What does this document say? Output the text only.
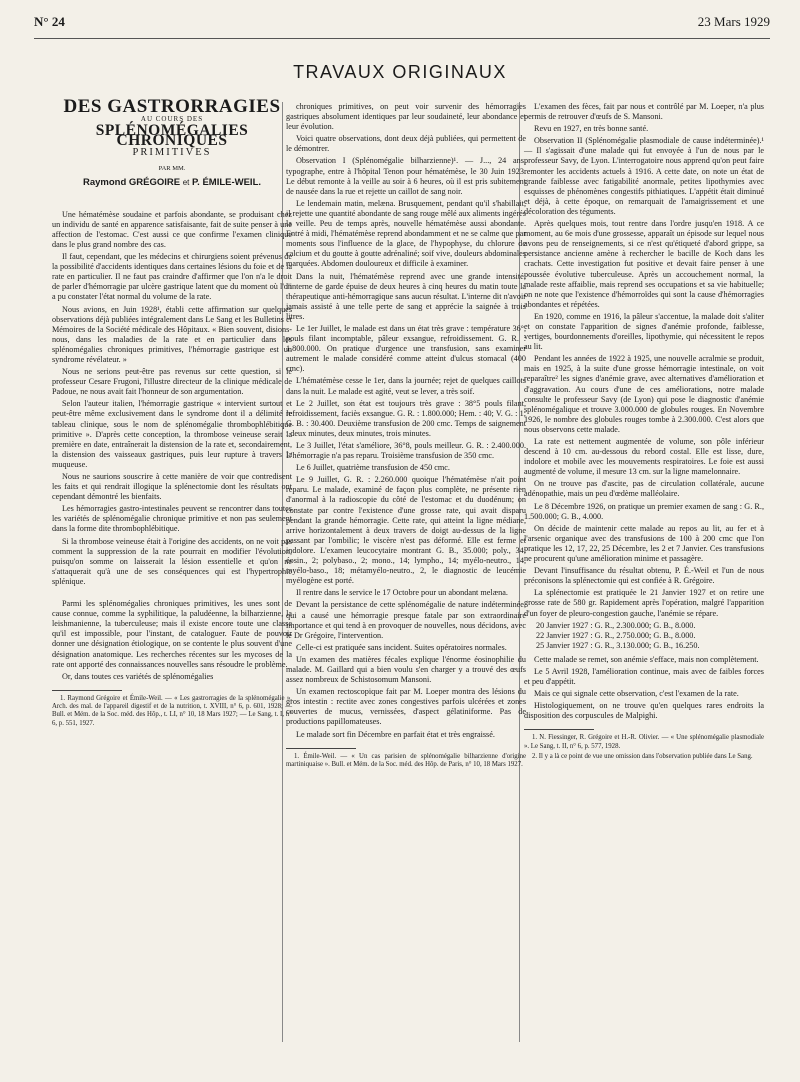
N° 24	23 Mars 1929
TRAVAUX ORIGINAUX
DES GASTRORRAGIES
AU COURS DES
SPLÉNOMÉGALIES CHRONIQUES
PRIMITIVES
PAR MM.
Raymond GRÉGOIRE et P. ÉMILE-WEIL.

Une hématémèse soudaine et parfois abondante, se produisant chez un individu de santé en apparence satisfaisante, fait de suite penser à une affection de l'estomac. C'est aussi ce que confirme l'examen clinique dans le plus grand nombre des cas.

Il faut, cependant, que les médecins et chirurgiens soient prévenus de la possibilité d'accidents identiques dans certaines lésions du foie et de la rate en particulier. Il ne faut pas craindre d'affirmer que l'on n'a le droit de parler d'hémorragie par ulcère gastrique latent que du moment où l'on a pu constater l'état normal du volume de la rate.

Nous avions, en Juin 1928¹, établi cette affirmation sur quelques observations déjà publiées intégralement dans Le Sang et les Bulletins et Mémoires de la Société médicale des Hôpitaux. « Bien souvent, disions-nous, dans les maladies de la rate et en particulier dans les splénomégalies chroniques primitives, l'hémorragie gastrique est un syndrome révélateur. »

Nous ne serions peut-être pas revenus sur cette question, si le professeur Cesare Frugoni, l'illustre directeur de la clinique médicale de Padoue, ne nous avait fait l'honneur de son argumentation.

Selon l'auteur italien, l'hémorragie gastrique « intervient surtout et peut-être même exclusivement dans le syndrome dont il a délimité le tableau clinique, sous le nom de splénomégalie thrombophlébitique primitive ». D'après cette conception, la thrombose veineuse serait la première en date, entraînerait la distension de la rate et, secondairement, la distension des vaisseaux gastriques, puis leur rupture à travers la muqueuse.

Nous ne saurions souscrire à cette manière de voir que contredisent les faits et qui rendrait illogique la splénectomie dont les résultats ont cependant démontré les bienfaits.

Les hémorragies gastro-intestinales peuvent se rencontrer dans toutes les variétés de splénomégalie chronique primitive et non pas seulement dans la forme dite thrombophlébitique.

Si la thrombose veineuse était à l'origine des accidents, on ne voit pas comment la suppression de la rate pourrait en modifier l'évolution, puisqu'on somme on laisserait la lésion essentielle et qu'on ne s'attaquerait qu'à une de ses conséquences qui est l'hypertrophie splénique.

Parmi les splénomégalies chroniques primitives, les unes sont de cause connue, comme la syphilitique, la paludéenne, la bilharzienne, la leishmanienne, la tuberculeuse; mais il existe encore toute une classe qu'il est impossible, pour l'instant, de cataloguer. Faute de pouvoir donner une désignation étiologique, on se contente le plus souvent d'une désignation anatomique. Les recherches récentes sur les mycoses de la rate ont apporté des connaissances nouvelles sans résoudre le problème.

Or, dans toutes ces variétés de splénomégalies

1. Raymond Grégoire et Émile-Weil. — « Les gastrorragies de la splénomégalie ». Arch. des mal. de l'appareil digestif et de la nutrition, t. XVIII, n° 6, p. 601, 1928; — Bull. et Mém. de la Soc. méd. des Hôp., t. LI, n° 10, 18 Mars 1927; — Le Sang, t. I, n° 6, p. 551, 1927.

chroniques primitives, on peut voir survenir des hémorragies gastriques absolument identiques par leur soudaineté, leur abondance et leur évolution.

Voici quatre observations, dont deux déjà publiées, qui permettent de le démontrer.

Observation I (Splénomégalie bilharzienne)¹. — J..., 24 ans, typographe, entre à l'hôpital Tenon pour hématémèse, le 30 Juin 1923. Le début remonte à la veille au soir à 6 heures, où il est pris subitement de nausée dans la rue et rejette un caillot de sang noir.

Le lendemain matin, melæna. Brusquement, pendant qu'il s'habillait, il rejette une quantité abondante de sang rouge mêlé aux aliments ingérés la veille. Peu de temps après, nouvelle hématémèse aussi abondante. Entré à midi, l'hématémèse reprend abondamment et ne se calme que par moments sous l'influence de la glace, de l'hypophyse, du chlorure de calcium et du goutte à goutte adrénaliné; soif vive, douleurs abdominales marquées. Abdomen douloureux et difficile à examiner.

Dans la nuit, l'hématémèse reprend avec une grande intensité; l'interne de garde épuise de deux heures à cinq heures du matin toute la thérapeutique anti-hémorragique sans aucun résultat. L'interne dit n'avoir jamais assisté à une telle perte de sang et apprécie la saignée à trois litres.

Le 1er Juillet, le malade est dans un état très grave : température 36°, pouls filant incomptable, pâleur exsangue, refroidissement. G. R. : 1.800.000. On pratique d'urgence une transfusion, sans examiner autrement le malade considéré comme atteint d'ulcus stomacal (400 cmc).

L'hématémèse cesse le 1er, dans la journée; rejet de quelques caillots dans la nuit. Le malade est agité, veut se lever, a très soif.

Le 2 Juillet, son état est toujours très grave : 38°5 pouls filant, refroidissement, faciès exsangue. G. R. : 1.800.000; Hem. : 40; V. G. : 1; G. B. : 30.400. Deuxième transfusion de 200 cmc. Temps de saignement : deux minutes, deux minutes, trois minutes.

Le 3 Juillet, l'état s'améliore, 36°8, pouls meilleur. G. R. : 2.400.000. L'hémorragie n'a pas reparu. Troisième transfusion de 350 cmc.

Le 6 Juillet, quatrième transfusion de 450 cmc.

Le 9 Juillet, G. R. : 2.260.000 quoique l'hématémèse n'ait point reparu. Le malade, examiné de façon plus complète, ne présente rien d'anormal à la radioscopie du côté de l'estomac et du duodénum; on constate par contre l'existence d'une grosse rate, qui avait disparu pendant la grande hémorragie. Cette rate, qui atteint la ligne médiane, arrive horizontalement à deux travers de doigt au-dessus de la ligne passant par l'ombilic; le viscère n'est pas déformé. Elle est ferme et indolore. L'examen leucocytaire montrant G. B., 35.000; poly., 34; éosin., 2; polybaso., 2; mono., 14; lympho., 14; myélo-neutro., 14, myélo-baso., 18; métamyélo-neutro., 2, le diagnostic de leucémie myélogène est porté.

Il rentre dans le service le 17 Octobre pour un abondant melæna.

Devant la persistance de cette splénomégalie de nature indéterminée, qui a causé une hémorragie presque fatale par son extraordinaire importance et qui tend à en provoquer de nouvelles, nous décidons, avec le Dr Grégoire, l'intervention.

Celle-ci est pratiquée sans incident. Suites opératoires normales.

Un examen des matières fécales explique l'énorme éosinophilie du malade. M. Gaillard qui a bien voulu s'en charger y a trouvé des œufs assez nombreux de Schistosomum Mansoni.

Un examen rectoscopique fait par M. Loeper montra des lésions du gros intestin : rectite avec zones congestives parfois ulcérées et zones couvertes de mucus, vernissées, d'aspect gélatiniforme. Pas de productions papillomateuses.

Le malade sort fin Décembre en parfait état et très engraissé.

1. Émile-Weil. — « Un cas parisien de splénomégalie bilharzienne d'origine martiniquaise ». Bull. et Mém. de la Soc. méd. des Hôp. de Paris, n° 10, 18 Mars 1927.

L'examen des fèces, fait par nous et contrôlé par M. Loeper, n'a plus permis de retrouver d'œufs de S. Mansoni.

Revu en 1927, en très bonne santé.

Observation II (Splénomégalie plasmodiale de cause indéterminée).¹ — Il s'agissait d'une malade qui fut envoyée à l'un de nous par le professeur Savy, de Lyon. L'interrogatoire nous apprend qu'on peut faire remonter les accidents actuels à 1916. A cette date, on note un état de grande faiblesse avec fatigabilité anormale, petites lipothymies avec esquisses de phénomènes congestifs pithiatiques. L'appétit était diminué et déjà, à cette époque, on remarquait de l'amaigrissement et une décoloration des téguments.

Après quelques mois, tout rentre dans l'ordre jusqu'en 1918. A ce moment, au 6e mois d'une grossesse, apparaît un épisode sur lequel nous avons peu de renseignements, si ce n'est qu'étiqueté d'abord grippe, sa persistance ancienne amène à rechercher le bacille de Koch dans les crachats. Cette investigation fut positive et devait faire penser à une poussée évolutive tuberculeuse. Après un accouchement normal, la malade reste affaiblie, mais reprend ses occupations et sa vie habituelle; on ne note que l'existence d'hémorroïdes qui sont la cause d'hémorragies abondantes et répétées.

En 1920, comme en 1916, la pâleur s'accentue, la malade doit s'aliter et on constate l'apparition de signes d'anémie profonde, faiblesse, vertiges, bourdonnements d'oreilles, lipothymie, qui nécessitent le repos au lit.

Pendant les années de 1922 à 1925, une nouvelle acralmie se produit, mais en 1925, à la suite d'une grosse hémorragie intestinale, on voit reparaître² les signes d'anémie grave, avec alternatives d'amélioration et d'aggravation. Au cours d'une de ces améliorations, notre malade consulte le professeur Savy (de Lyon) qui pose le diagnostic d'anémie splénomégalique et trouve 3.000.000 de globules rouges. En Novembre 1926, le nombre des globules rouges tombe à 2.300.000. C'est alors que nous observons cette malade.

La rate est nettement augmentée de volume, son pôle inférieur descend à 10 cm. au-dessous du rebord costal. Elle est lisse, dure, indolore et mobile avec les mouvements respiratoires. Le foie est aussi augmenté de volume, il mesure 13 cm. sur la ligne mamelonnaire.

On ne trouve pas d'ascite, pas de circulation collatérale, aucune adénopathie, mais un peu d'œdème malléolaire.

Le 8 Décembre 1926, on pratique un premier examen de sang : G. R., 1.500.000; G. B., 4.000.

On décide de maintenir cette malade au repos au lit, au fer et à l'arsenic organique avec des transfusions de 100 à 200 cmc que l'on pratique les 12, 17, 22, 25 Décembre, les 2 et 7 Janvier. Ces transfusions ne procurent qu'une amélioration minime et passagère.

Devant l'insuffisance du résultat obtenu, P. É.-Weil et l'un de nous préconisons la splénectomie qui est confiée à R. Grégoire.

La splénectomie est pratiquée le 21 Janvier 1927 et on retire une grosse rate de 580 gr. Rapidement après l'opération, malgré l'apparition d'un foyer de pleuro-congestion gauche, l'anémie se répare.

20 Janvier 1927 : G. R., 2.300.000; G. B., 8.000.
22 Janvier 1927 : G. R., 2.750.000; G. B., 8.000.
25 Janvier 1927 : G. R., 3.130.000; G. B., 16.250.

Cette malade se remet, son anémie s'efface, mais non complètement.

Le 5 Avril 1928, l'amélioration continue, mais avec de faibles forces et peu d'appétit.

Mais ce qui signale cette observation, c'est l'examen de la rate.

Histologiquement, on ne trouve qu'en quelques rares endroits la disposition des corpuscules de Malpighi.

1. N. Fiessinger, R. Grégoire et H.-R. Olivier. — « Une splénomégalie plasmodiale ». Le Sang, t. II, n° 6, p. 577, 1928.

2. Il y a là ce point de vue une omission dans l'observation publiée dans Le Sang.
